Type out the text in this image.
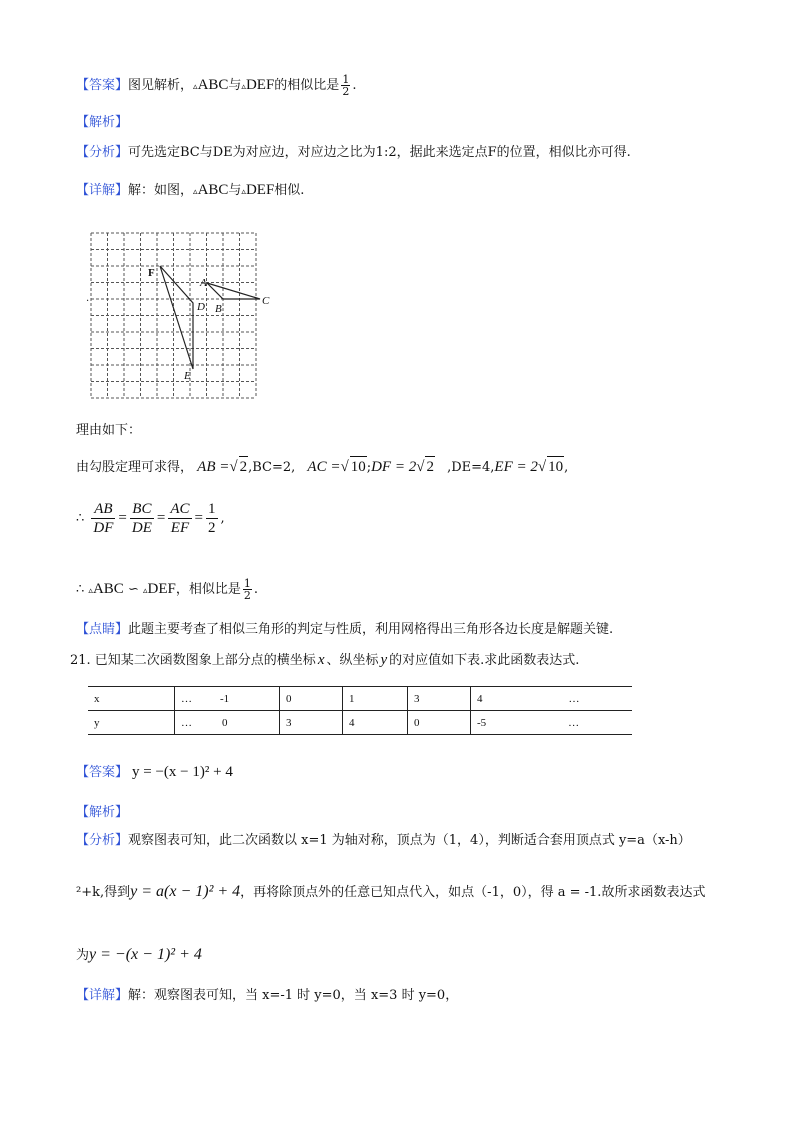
【答案】图见解析，▵ABC与▵DEF的相似比是 $\frac{1}{2}$ .
【解析】
【分析】可先选定BC与DE为对应边，对应边之比为1:2，据此来选定点F的位置，相似比亦可得.
【详解】解：如图，▵ABC与▵DEF相似.
F
A
B
C
D
E
.
理由如下：
由勾股定理可求得， AB =√ 2,BC=2, AC =√ 10;DF = 2√ 2 ,DE=4,EF = 2√ 10,
∴ $\frac{AB}{DF} = \frac{BC}{DE} = \frac{AC}{EF} = \frac{1}{2}$ ,
∴ ▵ABC ∽ ▵DEF，相似比是 $\frac{1}{2}$ .
【点睛】此题主要考查了相似三角形的判定与性质，利用网格得出三角形各边长度是解题关键.
21. 已知某二次函数图象上部分点的横坐标 x 、纵坐标 y 的对应值如下表.求此函数表达式.
x	… -1	0	1	3	4 …
y	… 0	3	4	0	-5 …
【答案】 y = −(x − 1)² + 4
【解析】
【分析】观察图表可知，此二次函数以 x=1 为轴对称，顶点为（1，4），判断适合套用顶点式 y=a（x-h）
²+k,得到y = a(x − 1)² + 4，再将除顶点外的任意已知点代入，如点（-1，0），得 a = -1.故所求函数表达式
为y = −(x − 1)² + 4
【详解】解：观察图表可知，当 x=-1 时 y=0，当 x=3 时 y=0，
